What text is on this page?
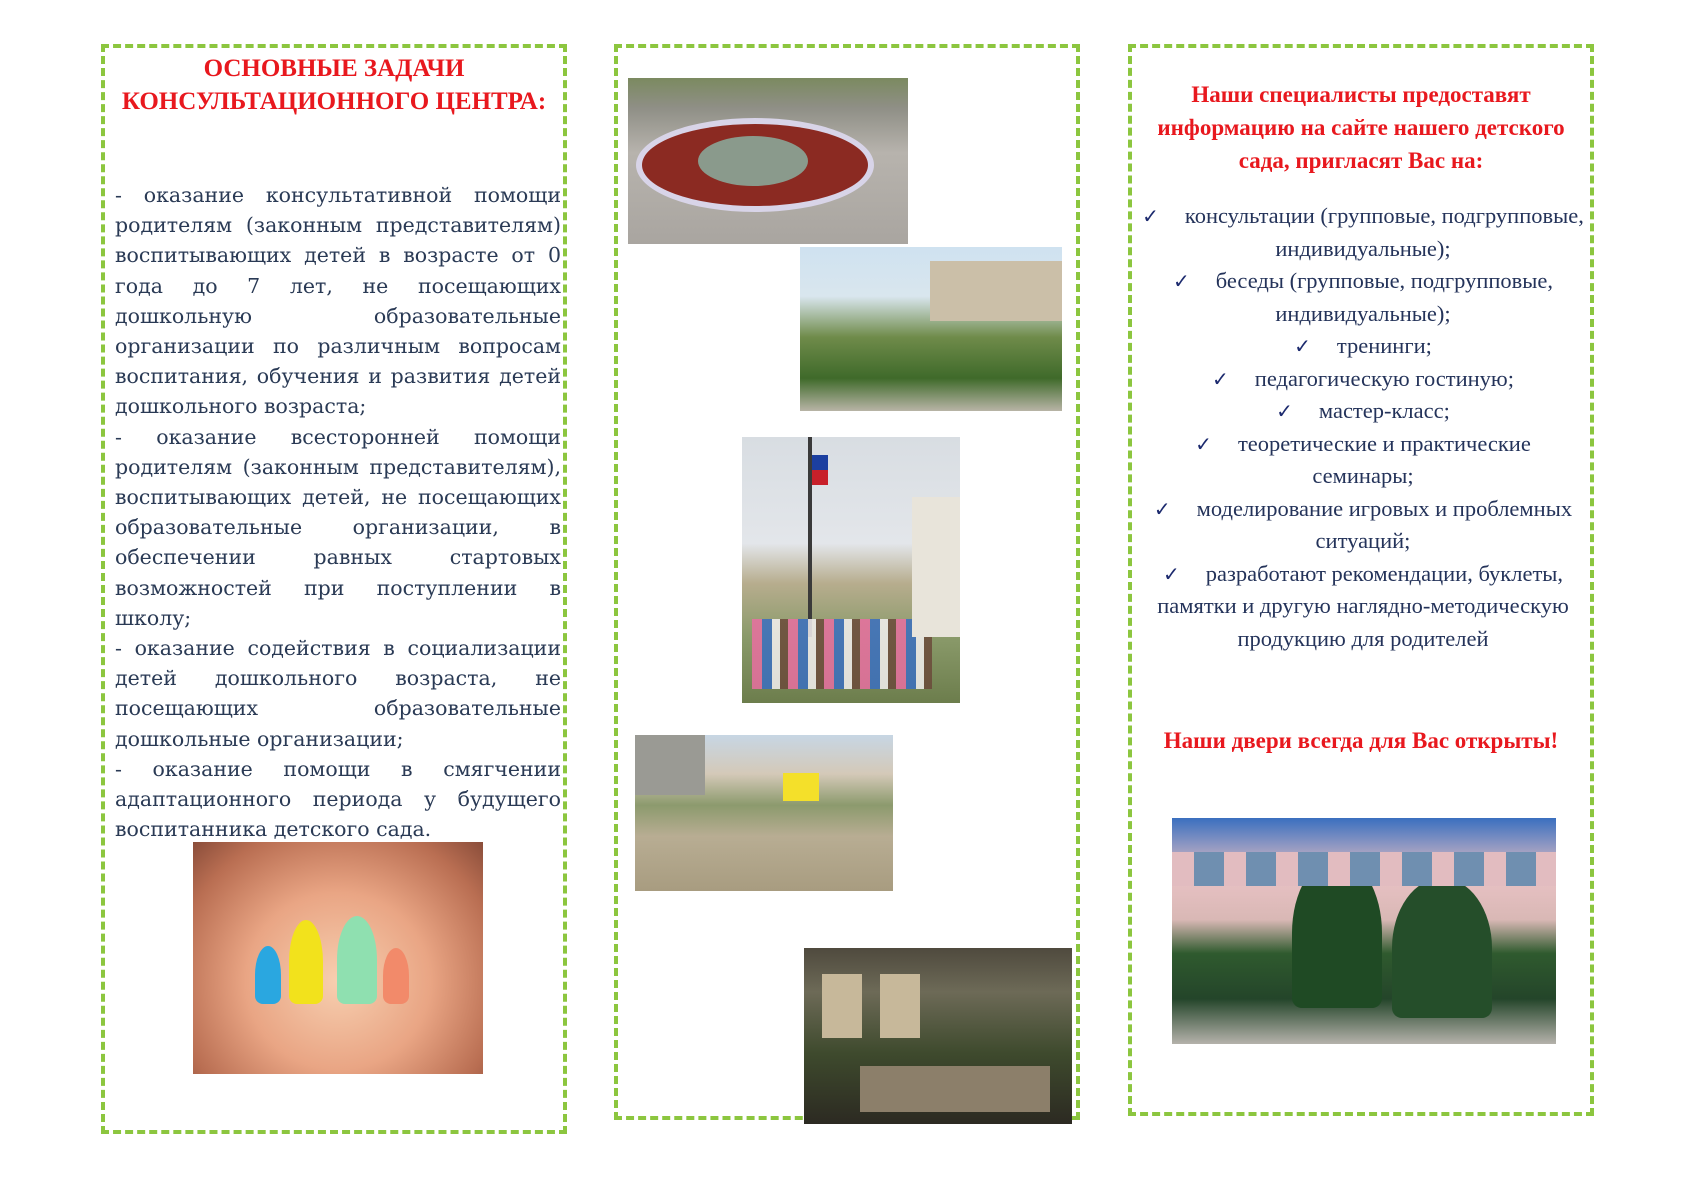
ОСНОВНЫЕ ЗАДАЧИ КОНСУЛЬТАЦИОННОГО ЦЕНТРА:

- оказание консультативной помощи родителям (законным представителям) воспитывающих детей в возрасте от 0 года до 7 лет, не посещающих дошкольную образовательные организации по различным вопросам воспитания, обучения и развития детей дошкольного возраста;

- оказание всесторонней помощи родителям (законным представителям), воспитывающих детей, не посещающих образовательные организации, в обеспечении равных стартовых возможностей при поступлении в школу;

- оказание содействия в социализации детей дошкольного возраста, не посещающих образовательные дошкольные организации;

- оказание помощи в смягчении адаптационного периода у будущего воспитанника детского сада.

Наши специалисты предоставят информацию на сайте нашего детского сада, пригласят Вас на:
✓ консультации (групповые, подгрупповые, индивидуальные);
✓ беседы (групповые, подгрупповые, индивидуальные);
✓ тренинги;
✓ педагогическую гостиную;
✓ мастер-класс;
✓ теоретические и практические семинары;
✓ моделирование игровых и проблемных ситуаций;
✓ разработают рекомендации, буклеты, памятки и другую наглядно-методическую продукцию для родителей
Наши двери всегда для Вас открыты!
